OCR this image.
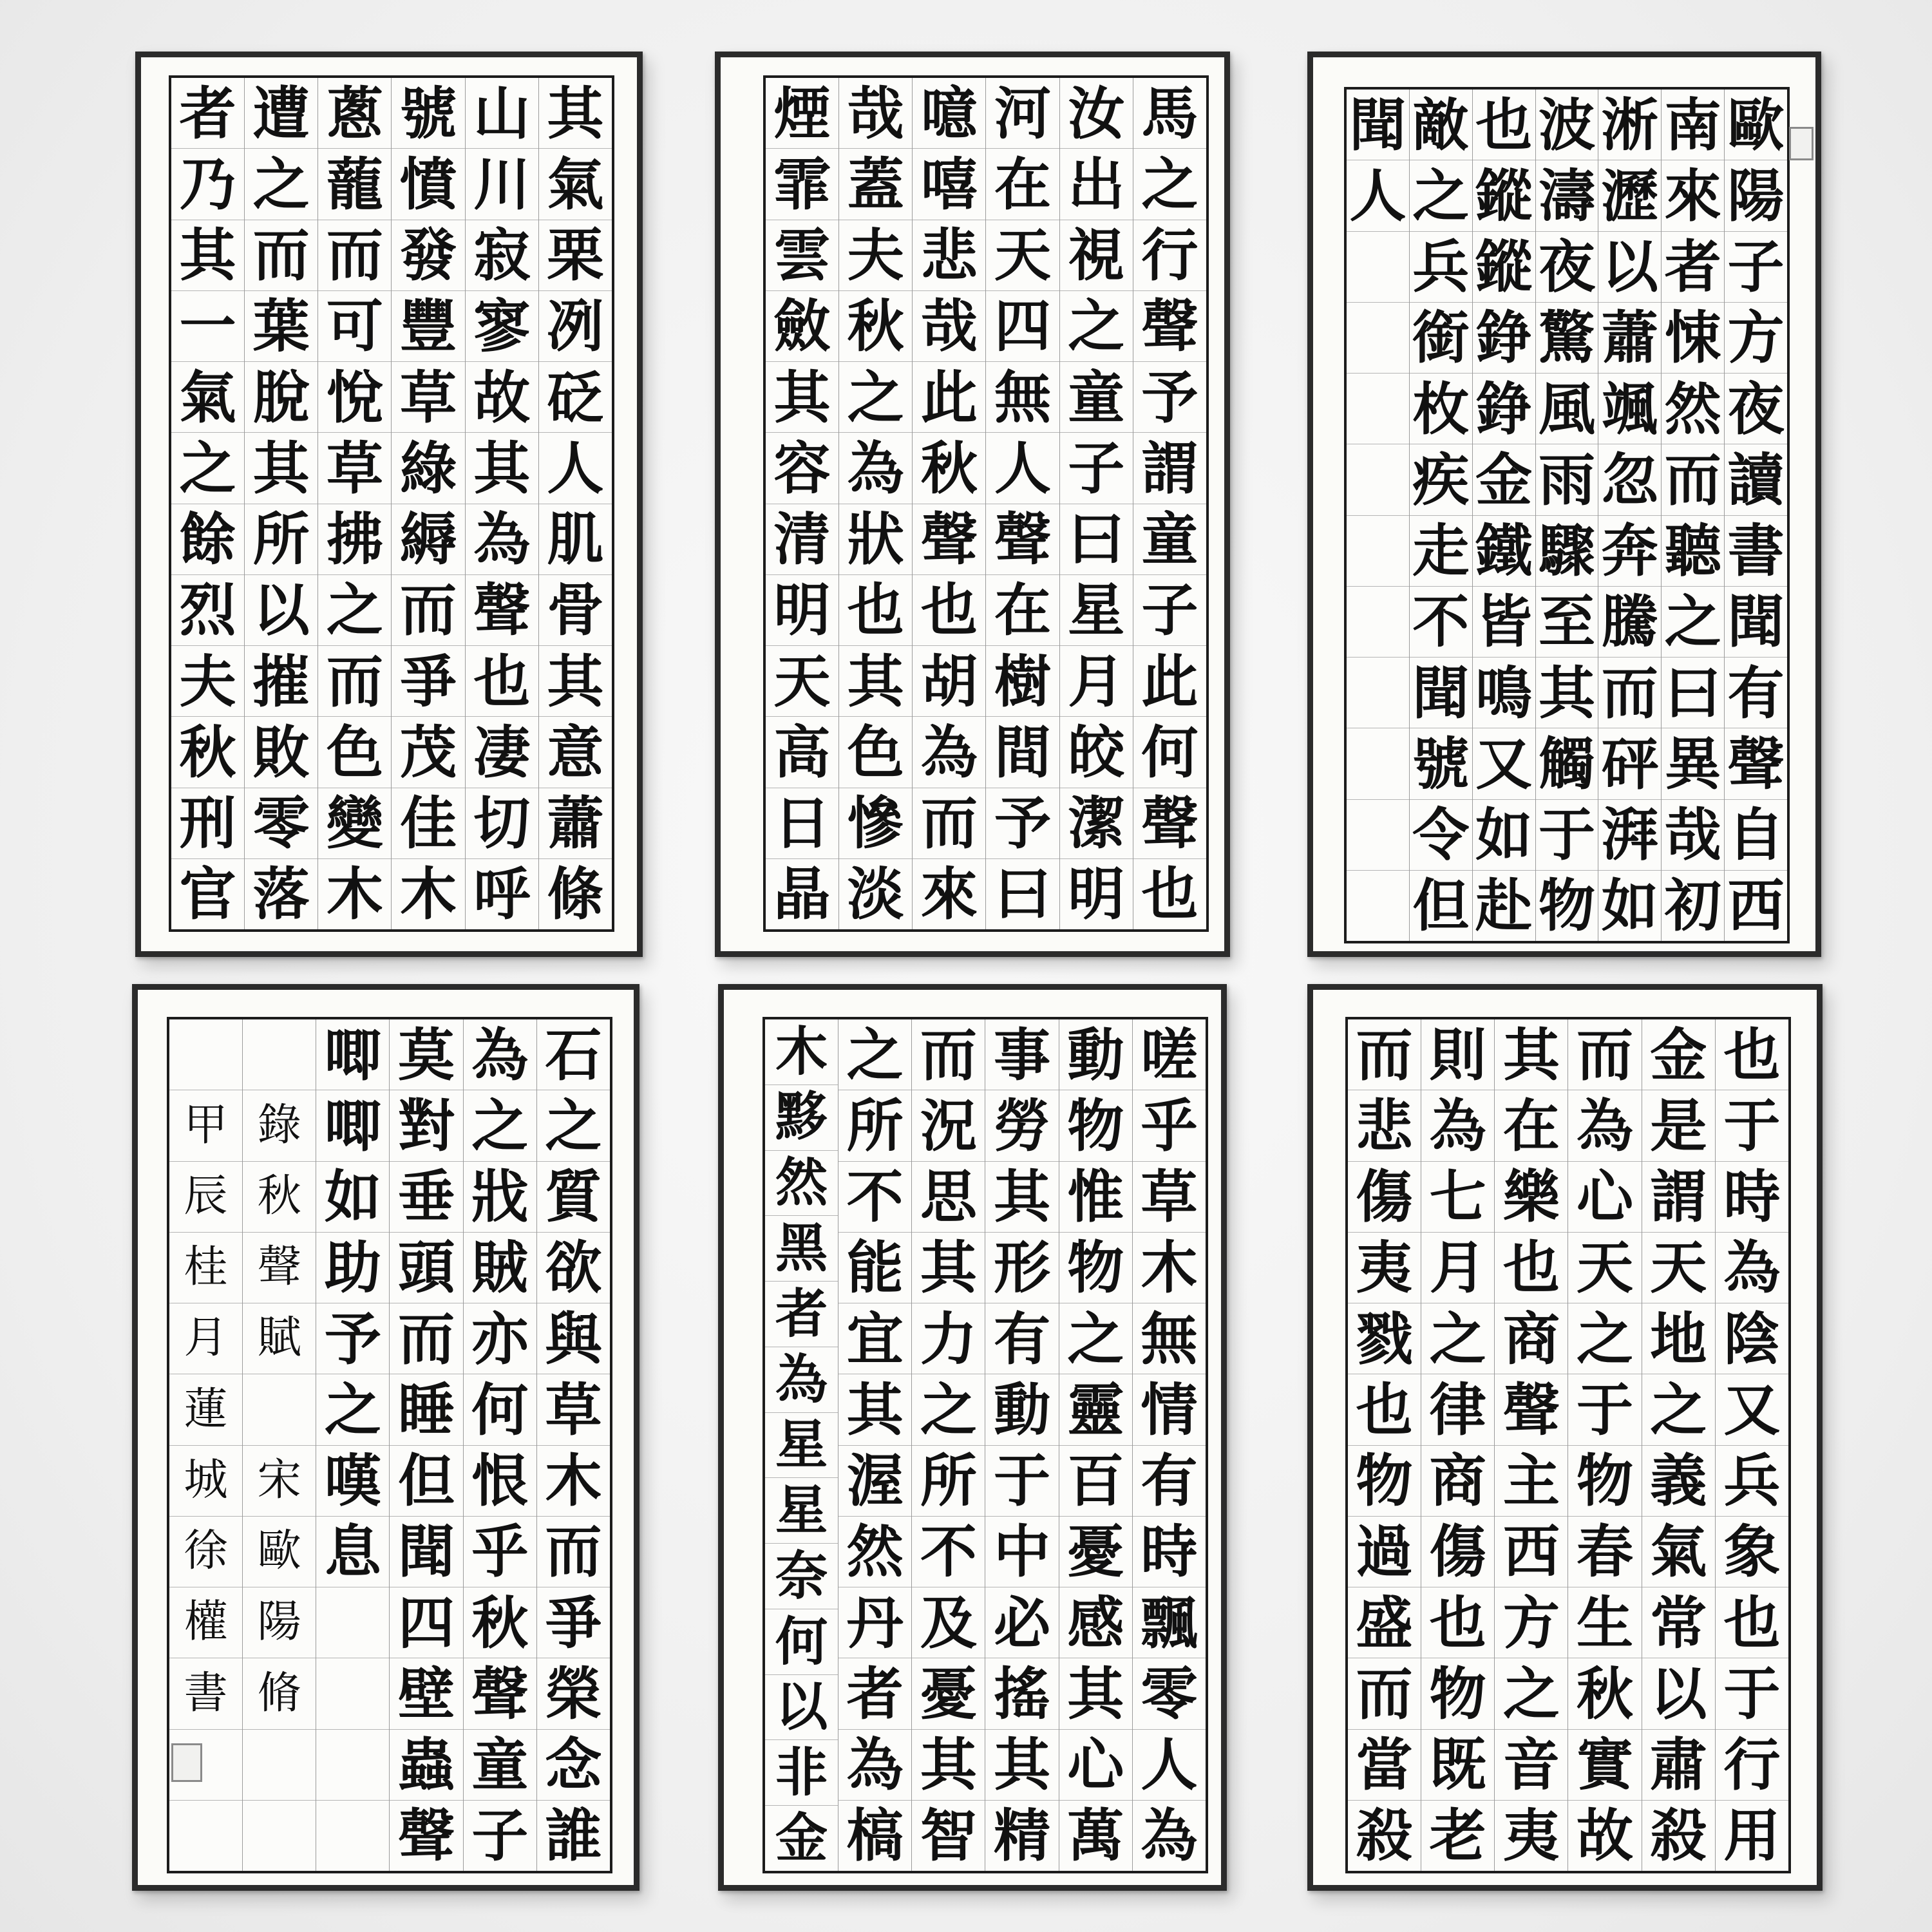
其
氣
栗
冽
砭
人
肌
骨
其
意
蕭
條
山
川
寂
寥
故
其
為
聲
也
凄
切
呼
號
憤
發
豐
草
綠
縟
而
爭
茂
佳
木
蔥
蘢
而
可
悅
草
拂
之
而
色
變
木
遭
之
而
葉
脫
其
所
以
摧
敗
零
落
者
乃
其
一
氣
之
餘
烈
夫
秋
刑
官
馬
之
行
聲
予
謂
童
子
此
何
聲
也
汝
出
視
之
童
子
曰
星
月
皎
潔
明
河
在
天
四
無
人
聲
在
樹
間
予
曰
噫
嘻
悲
哉
此
秋
聲
也
胡
為
而
來
哉
蓋
夫
秋
之
為
狀
也
其
色
慘
淡
煙
霏
雲
斂
其
容
清
明
天
高
日
晶
歐
陽
子
方
夜
讀
書
聞
有
聲
自
西
南
來
者
悚
然
而
聽
之
曰
異
哉
初
淅
瀝
以
蕭
颯
忽
奔
騰
而
砰
湃
如
波
濤
夜
驚
風
雨
驟
至
其
觸
于
物
也
鏦
鏦
錚
錚
金
鐵
皆
鳴
又
如
赴
敵
之
兵
銜
枚
疾
走
不
聞
號
令
但
聞
人
石
之
質
欲
與
草
木
而
爭
榮
念
誰
為
之
戕
賊
亦
何
恨
乎
秋
聲
童
子
莫
對
垂
頭
而
睡
但
聞
四
壁
蟲
聲
唧
唧
如
助
予
之
嘆
息
錄
秋
聲
賦
宋
歐
陽
脩
甲
辰
桂
月
蓮
城
徐
權
書
嗟
乎
草
木
無
情
有
時
飄
零
人
為
動
物
惟
物
之
靈
百
憂
感
其
心
萬
事
勞
其
形
有
動
于
中
必
搖
其
精
而
況
思
其
力
之
所
不
及
憂
其
智
之
所
不
能
宜
其
渥
然
丹
者
為
槁
木
黟
然
黑
者
為
星
星
奈
何
以
非
金
也
于
時
為
陰
又
兵
象
也
于
行
用
金
是
謂
天
地
之
義
氣
常
以
肅
殺
而
為
心
天
之
于
物
春
生
秋
實
故
其
在
樂
也
商
聲
主
西
方
之
音
夷
則
為
七
月
之
律
商
傷
也
物
既
老
而
悲
傷
夷
戮
也
物
過
盛
而
當
殺
